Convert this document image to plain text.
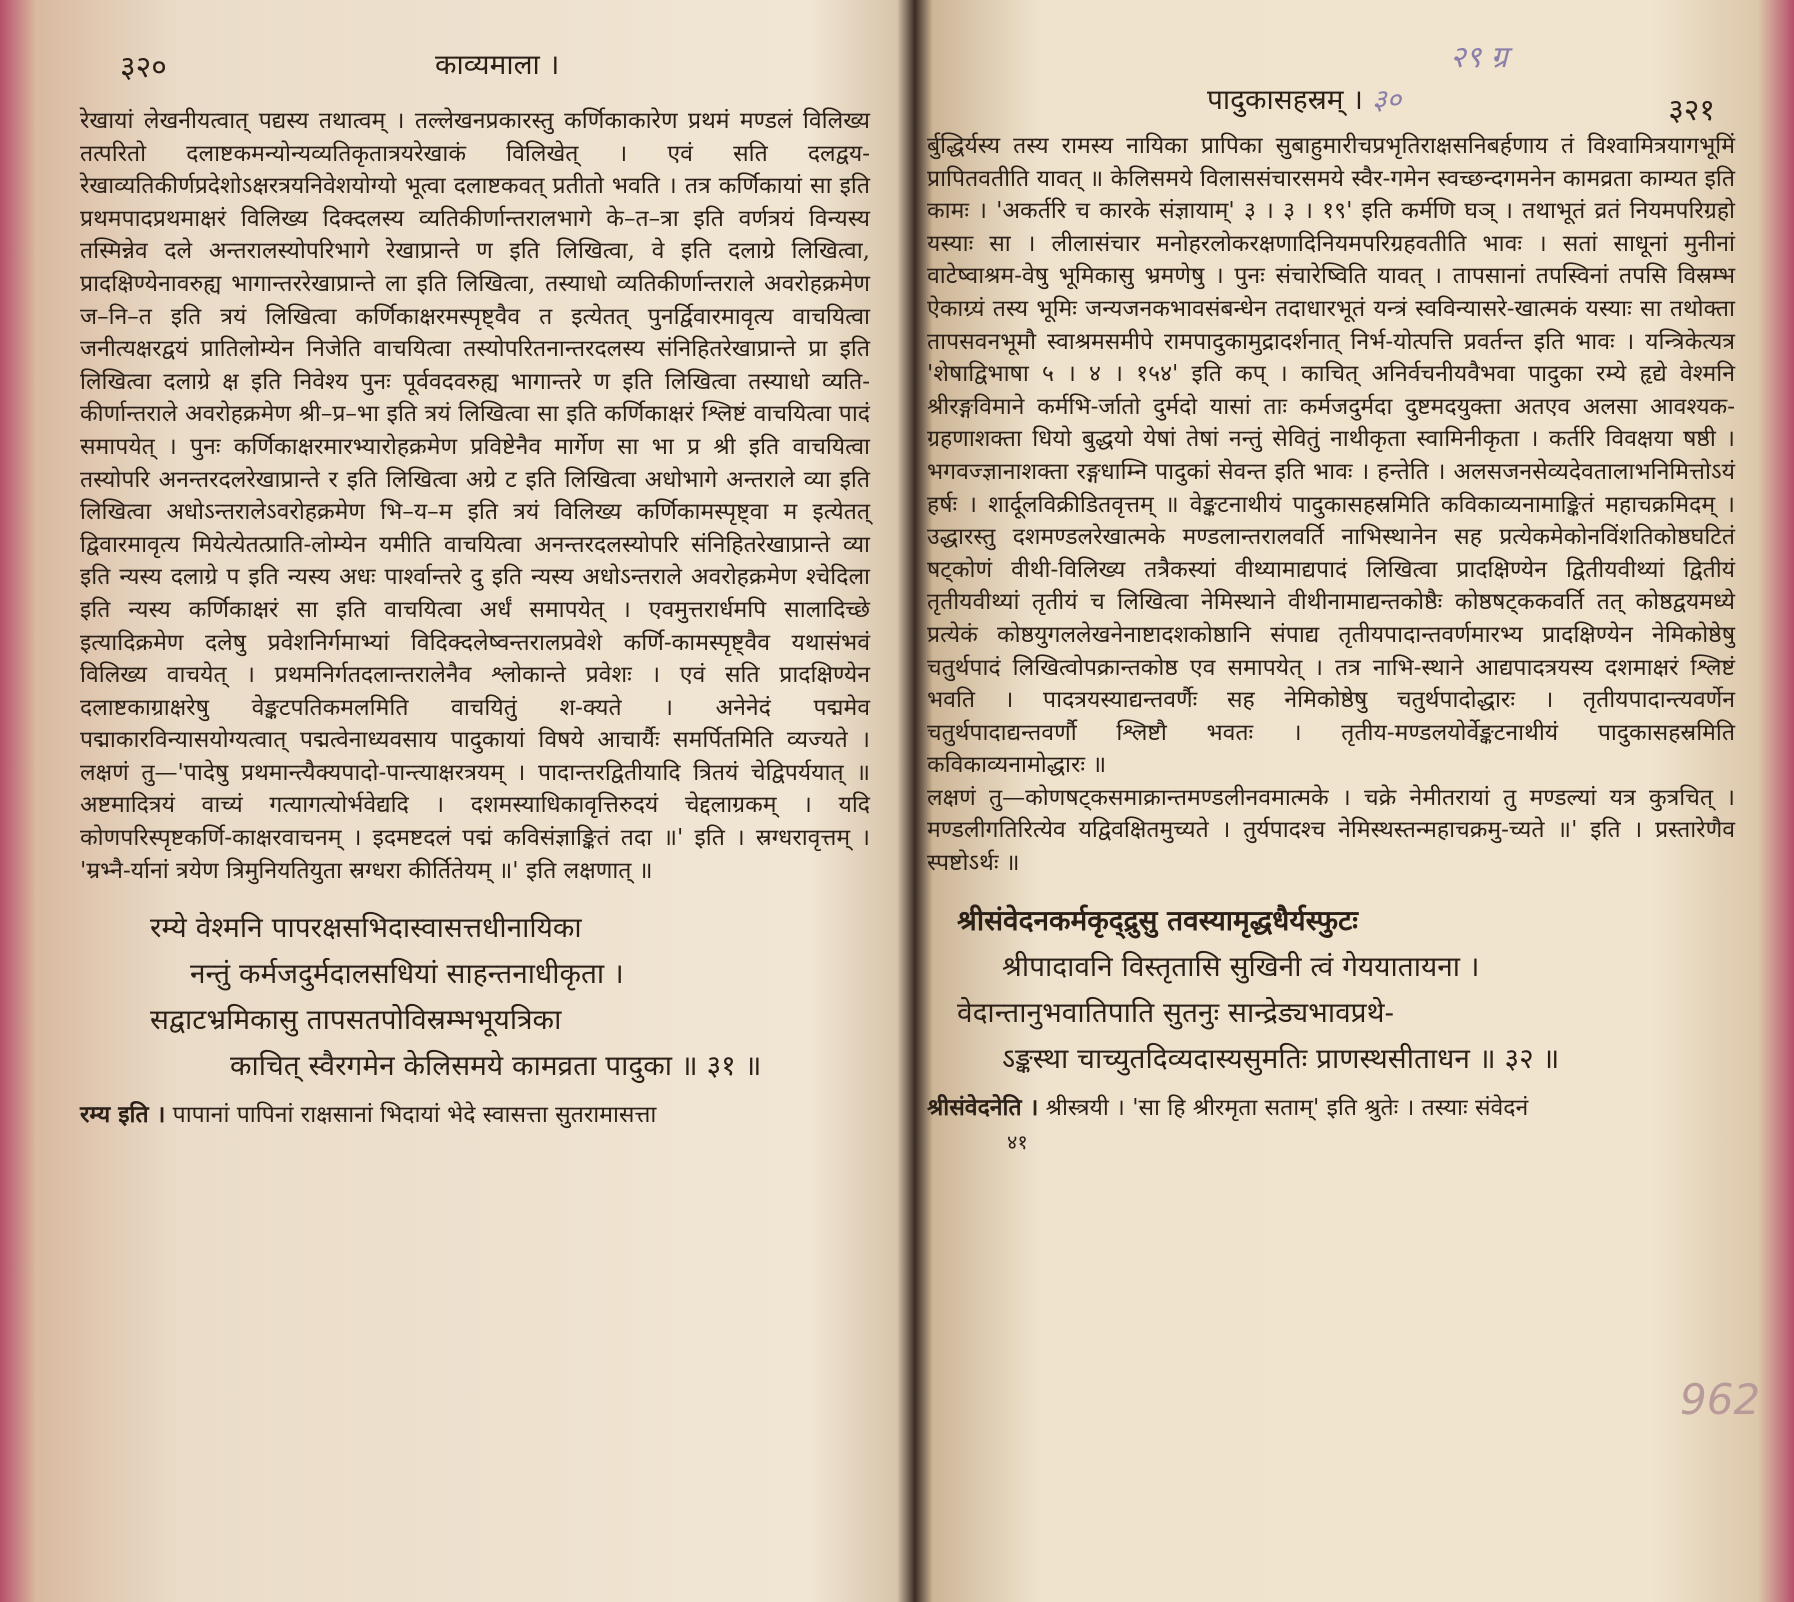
३२०	काव्यमाला ।

रेखायां लेखनीयत्वात् पद्यस्य तथात्वम् । तल्लेखनप्रकारस्तु कर्णिकाकारेण प्रथमं मण्डलं विलिख्य तत्परितो दलाष्टकमन्योन्यव्यतिकृतात्रयरेखाकं विलिखेत् । एवं सति दलद्वय-रेखाव्यतिकीर्णप्रदेशोऽक्षरत्रयनिवेशयोग्यो भूत्वा दलाष्टकवत् प्रतीतो भवति । तत्र कर्णिकायां सा इति प्रथमपादप्रथमाक्षरं विलिख्य दिक्दलस्य व्यतिकीर्णान्तरालभागे के–त–त्रा इति वर्णत्रयं विन्यस्य तस्मिन्नेव दले अन्तरालस्योपरिभागे रेखाप्रान्ते ण इति लिखित्वा, वे इति दलाग्रे लिखित्वा, प्रादक्षिण्येनावरुह्य भागान्तररेखाप्रान्ते ला इति लिखित्वा, तस्याधो व्यतिकीर्णान्तराले अवरोहक्रमेण ज–नि–त इति त्रयं लिखित्वा कर्णिकाक्षरमस्पृष्ट्वैव त इत्येतत् पुनर्द्विवारमावृत्य वाचयित्वा जनीत्यक्षरद्वयं प्रातिलोम्येन निजेति वाचयित्वा तस्योपरितनान्तरदलस्य संनिहितरेखाप्रान्ते प्रा इति लिखित्वा दलाग्रे क्ष इति निवेश्य पुनः पूर्ववदवरुह्य भागान्तरे ण इति लिखित्वा तस्याधो व्यति-कीर्णान्तराले अवरोहक्रमेण श्री–प्र–भा इति त्रयं लिखित्वा सा इति कर्णिकाक्षरं श्लिष्टं वाचयित्वा पादं समापयेत् । पुनः कर्णिकाक्षरमारभ्यारोहक्रमेण प्रविष्टेनैव मार्गेण सा भा प्र श्री इति वाचयित्वा तस्योपरि अनन्तरदलरेखाप्रान्ते र इति लिखित्वा अग्रे ट इति लिखित्वा अधोभागे अन्तराले व्या इति लिखित्वा अधोऽन्तरालेऽवरोहक्रमेण भि–य–म इति त्रयं विलिख्य कर्णिकामस्पृष्ट्वा म इत्येतत् द्विवारमावृत्य मियेत्येतत्प्राति-लोम्येन यमीति वाचयित्वा अनन्तरदलस्योपरि संनिहितरेखाप्रान्ते व्या इति न्यस्य दलाग्रे प इति न्यस्य अधः पार्श्वान्तरे दु इति न्यस्य अधोऽन्तराले अवरोहक्रमेण श्चेदिला इति न्यस्य कर्णिकाक्षरं सा इति वाचयित्वा अर्धं समापयेत् । एवमुत्तरार्धमपि सालादिच्छे इत्यादिक्रमेण दलेषु प्रवेशनिर्गमाभ्यां विदिक्दलेष्वन्तरालप्रवेशे कर्णि-कामस्पृष्ट्वैव यथासंभवं विलिख्य वाचयेत् । प्रथमनिर्गतदलान्तरालेनैव श्लोकान्ते प्रवेशः । एवं सति प्रादक्षिण्येन दलाष्टकाग्राक्षरेषु वेङ्कटपतिकमलमिति वाचयितुं श-क्यते । अनेनेदं पद्ममेव पद्माकारविन्यासयोग्यत्वात् पद्मत्वेनाध्यवसाय पादुकायां विषये आचार्यैः समर्पितमिति व्यज्यते । लक्षणं तु—'पादेषु प्रथमान्त्यैक्यपादो-पान्त्याक्षरत्रयम् । पादान्तरद्वितीयादि त्रितयं चेद्विपर्ययात् ॥ अष्टमादित्रयं वाच्यं गत्यागत्योर्भवेद्यदि । दशमस्याधिकावृत्तिरुदयं चेद्दलाग्रकम् । यदि कोणपरिस्पृष्टकर्णि-काक्षरवाचनम् । इदमष्टदलं पद्मं कविसंज्ञाङ्कितं तदा ॥' इति । स्रग्धरावृत्तम् । 'म्रभ्नै-र्यानां त्रयेण त्रिमुनियतियुता स्रग्धरा कीर्तितेयम् ॥' इति लक्षणात् ॥

रम्ये वेश्मनि पापरक्षसभिदास्वासत्तधीनायिका
नन्तुं कर्मजदुर्मदालसधियां साहन्तनाधीकृता ।
सद्वाटभ्रमिकासु तापसतपोविस्रम्भभूयत्रिका
काचित् स्वैरगमेन केलिसमये कामव्रता पादुका ॥ ३१ ॥
रम्य इति । पापानां पापिनां राक्षसानां भिदायां भेदे स्वासत्ता सुतरामासत्ता
पादुकासहस्रम् । ३०	३२१

र्बुद्धिर्यस्य तस्य रामस्य नायिका प्रापिका सुबाहुमारीचप्रभृतिराक्षसनिबर्हणाय तं विश्वामित्रयागभूमिं प्रापितवतीति यावत् ॥ केलिसमये विलाससंचारसमये स्वैर-गमेन स्वच्छन्दगमनेन कामव्रता काम्यत इति कामः । 'अकर्तरि च कारके संज्ञायाम्' ३ । ३ । १९' इति कर्मणि घञ् । तथाभूतं व्रतं नियमपरिग्रहो यस्याः सा । लीलासंचार मनोहरलोकरक्षणादिनियमपरिग्रहवतीति भावः । सतां साधूनां मुनीनां वाटेष्वाश्रम-वेषु भूमिकासु भ्रमणेषु । पुनः संचारेष्विति यावत् । तापसानां तपस्विनां तपसि विस्रम्भ ऐकाग्र्यं तस्य भूमिः जन्यजनकभावसंबन्धेन तदाधारभूतं यन्त्रं स्वविन्यासरे-खात्मकं यस्याः सा तथोक्ता तापसवनभूमौ स्वाश्रमसमीपे रामपादुकामुद्रादर्शनात् निर्भ-योत्पत्ति प्रवर्तन्त इति भावः । यन्त्रिकेत्यत्र 'शेषाद्विभाषा ५ । ४ । १५४' इति कप् । काचित् अनिर्वचनीयवैभवा पादुका रम्ये हृद्ये वेश्मनि श्रीरङ्गविमाने कर्मभि-र्जातो दुर्मदो यासां ताः कर्मजदुर्मदा दुष्टमदयुक्ता अतएव अलसा आवश्यक-ग्रहणाशक्ता धियो बुद्धयो येषां तेषां नन्तुं सेवितुं नाथीकृता स्वामिनीकृता । कर्तरि विवक्षया षष्ठी । भगवज्ज्ञानाशक्ता रङ्गधाम्नि पादुकां सेवन्त इति भावः । हन्तेति । अलसजनसेव्यदेवतालाभनिमित्तोऽयं हर्षः । शार्दूलविक्रीडितवृत्तम् ॥ वेङ्कटनाथीयं पादुकासहस्रमिति कविकाव्यनामाङ्कितं महाचक्रमिदम् । उद्धारस्तु दशमण्डलरेखात्मके मण्डलान्तरालवर्ति नाभिस्थानेन सह प्रत्येकमेकोनविंशतिकोष्ठघटितं षट्कोणं वीथी-विलिख्य तत्रैकस्यां वीथ्यामाद्यपादं लिखित्वा प्रादक्षिण्येन द्वितीयवीथ्यां द्वितीयं तृतीयवीथ्यां तृतीयं च लिखित्वा नेमिस्थाने वीथीनामाद्यन्तकोष्ठैः कोष्ठषट्ककवर्ति तत् कोष्ठद्वयमध्ये प्रत्येकं कोष्ठयुगललेखनेनाष्टादशकोष्ठानि संपाद्य तृतीयपादान्तवर्णमारभ्य प्रादक्षिण्येन नेमिकोष्ठेषु चतुर्थपादं लिखित्वोपक्रान्तकोष्ठ एव समापयेत् । तत्र नाभि-स्थाने आद्यपादत्रयस्य दशमाक्षरं श्लिष्टं भवति । पादत्रयस्याद्यन्तवर्णैः सह नेमिकोष्ठेषु चतुर्थपादोद्धारः । तृतीयपादान्त्यवर्णेन चतुर्थपादाद्यन्तवर्णौ श्लिष्टौ भवतः । तृतीय-मण्डलयोर्वेङ्कटनाथीयं पादुकासहस्रमिति कविकाव्यनामोद्धारः ॥

लक्षणं तु—कोणषट्कसमाक्रान्तमण्डलीनवमात्मके । चक्रे नेमीतरायां तु मण्डल्यां यत्र कुत्रचित् । मण्डलीगतिरित्येव यद्विवक्षितमुच्यते । तुर्यपादश्च नेमिस्थस्तन्महाचक्रमु-च्यते ॥' इति । प्रस्तारेणैव स्पष्टोऽर्थः ॥

श्रीसंवेदनकर्मकृद्द्रुसु तवस्यामृद्धधैर्यस्फुटः
श्रीपादावनि विस्तृतासि सुखिनी त्वं गेययातायना ।
वेदान्तानुभवातिपाति सुतनुः सान्द्रेड्यभावप्रथे-
ऽङ्कस्था चाच्युतदिव्यदास्यसुमतिः प्राणस्थसीताधन ॥ ३२ ॥
श्रीसंवेदनेति । श्रीस्त्रयी । 'सा हि श्रीरमृता सताम्' इति श्रुतेः । तस्याः संवेदनं
४१
२९ ग्र
962
